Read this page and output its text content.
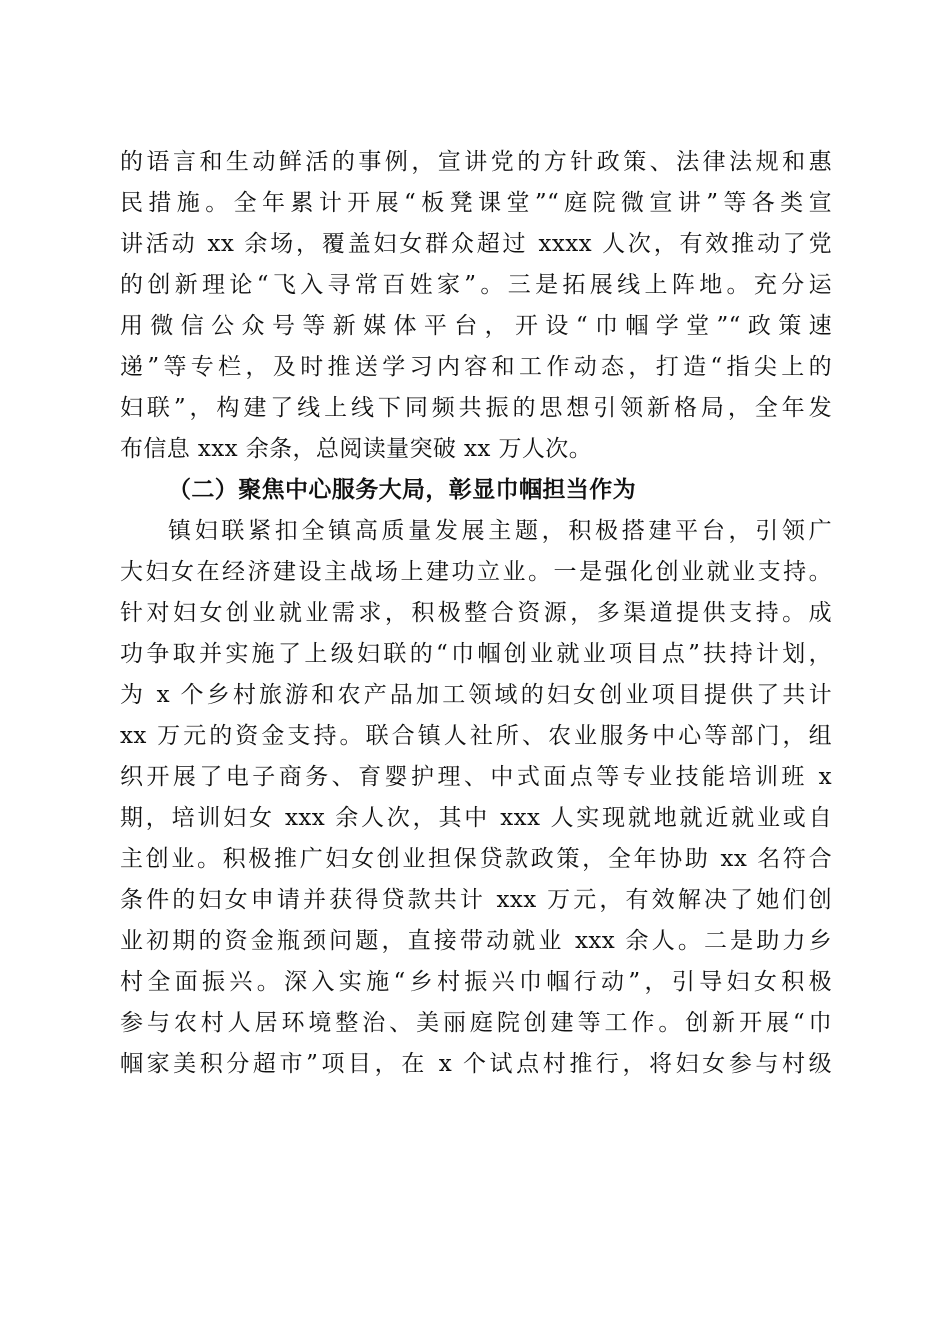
的语言和生动鲜活的事例，宣讲党的方针政策、法律法规和惠
民措施。全年累计开展“板凳课堂”“庭院微宣讲”等各类宣
讲活动 xx 余场，覆盖妇女群众超过 xxxx 人次，有效推动了党
的创新理论“飞入寻常百姓家”。三是拓展线上阵地。充分运
用微信公众号等新媒体平台，开设“巾帼学堂”“政策速
递”等专栏，及时推送学习内容和工作动态，打造“指尖上的
妇联”，构建了线上线下同频共振的思想引领新格局，全年发
布信息 xxx 余条，总阅读量突破 xx 万人次。
（二）聚焦中心服务大局，彰显巾帼担当作为
镇妇联紧扣全镇高质量发展主题，积极搭建平台，引领广
大妇女在经济建设主战场上建功立业。一是强化创业就业支持。
针对妇女创业就业需求，积极整合资源，多渠道提供支持。成
功争取并实施了上级妇联的“巾帼创业就业项目点”扶持计划，
为 x 个乡村旅游和农产品加工领域的妇女创业项目提供了共计
xx 万元的资金支持。联合镇人社所、农业服务中心等部门，组
织开展了电子商务、育婴护理、中式面点等专业技能培训班 x
期，培训妇女 xxx 余人次，其中 xxx 人实现就地就近就业或自
主创业。积极推广妇女创业担保贷款政策，全年协助 xx 名符合
条件的妇女申请并获得贷款共计 xxx 万元，有效解决了她们创
业初期的资金瓶颈问题，直接带动就业 xxx 余人。二是助力乡
村全面振兴。深入实施“乡村振兴巾帼行动”，引导妇女积极
参与农村人居环境整治、美丽庭院创建等工作。创新开展“巾
帼家美积分超市”项目，在 x 个试点村推行，将妇女参与村级
